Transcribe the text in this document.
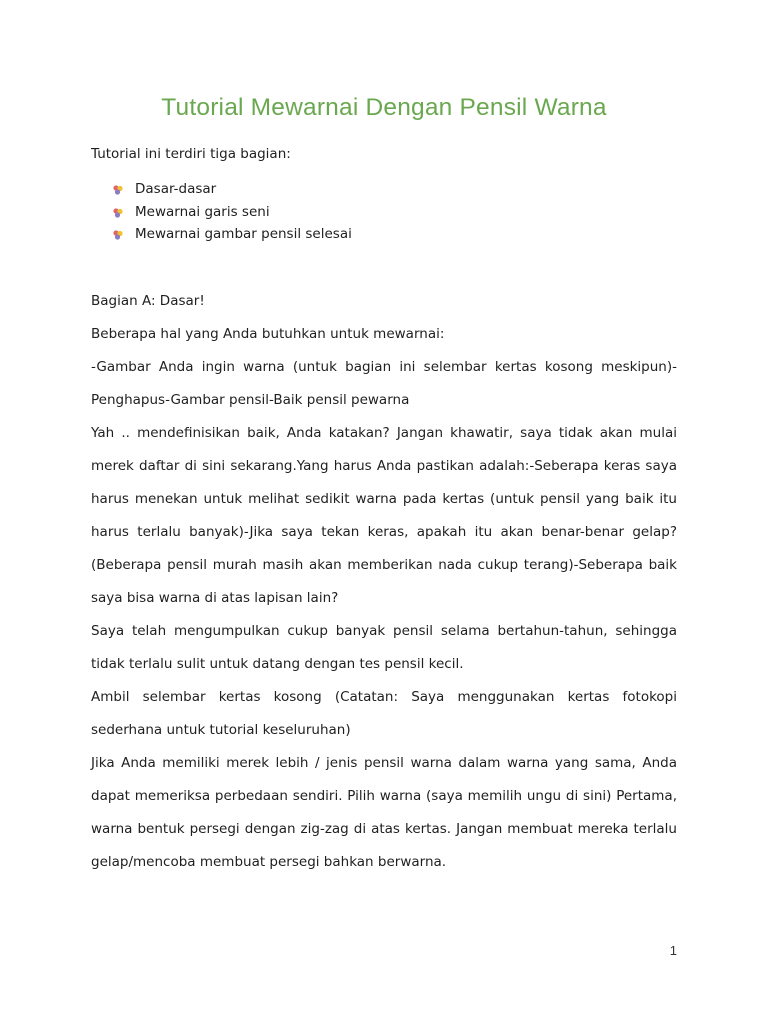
Tutorial Mewarnai Dengan Pensil Warna

Tutorial ini terdiri tiga bagian:

Dasar-dasar
Mewarnai garis seni
Mewarnai gambar pensil selesai

Bagian A: Dasar!

Beberapa hal yang Anda butuhkan untuk mewarnai:

-Gambar Anda ingin warna (untuk bagian ini selembar kertas kosong meskipun)-Penghapus-Gambar pensil-Baik pensil pewarna

Yah .. mendefinisikan baik, Anda katakan? Jangan khawatir, saya tidak akan mulai merek daftar di sini sekarang.Yang harus Anda pastikan adalah:-Seberapa keras saya harus menekan untuk melihat sedikit warna pada kertas (untuk pensil yang baik itu harus terlalu banyak)-Jika saya tekan keras, apakah itu akan benar-benar gelap? (Beberapa pensil murah masih akan memberikan nada cukup terang)-Seberapa baik saya bisa warna di atas lapisan lain?

Saya telah mengumpulkan cukup banyak pensil selama bertahun-tahun, sehingga tidak terlalu sulit untuk datang dengan tes pensil kecil.

Ambil selembar kertas kosong (Catatan: Saya menggunakan kertas fotokopi sederhana untuk tutorial keseluruhan)

Jika Anda memiliki merek lebih / jenis pensil warna dalam warna yang sama, Anda dapat memeriksa perbedaan sendiri. Pilih warna (saya memilih ungu di sini) Pertama, warna bentuk persegi dengan zig-zag di atas kertas. Jangan membuat mereka terlalu gelap/mencoba membuat persegi bahkan berwarna.

1
